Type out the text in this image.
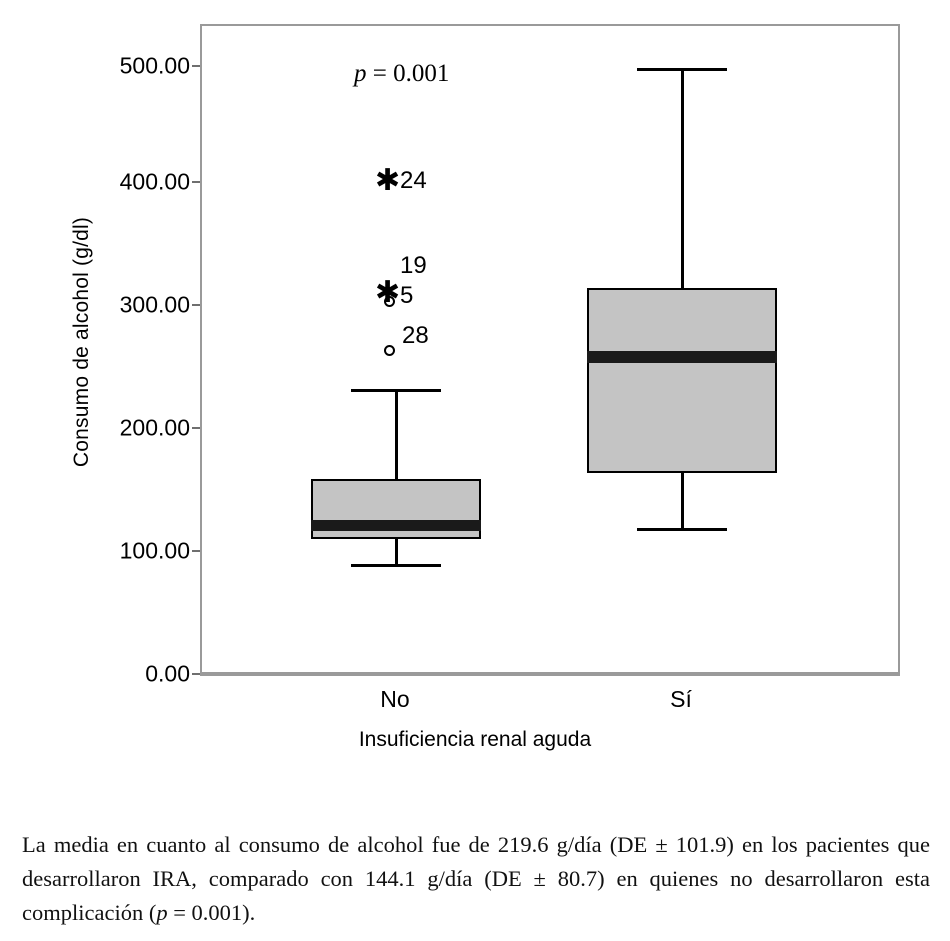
Consumo de alcohol (g/dl)
0.00
100.00
200.00
300.00
400.00
500.00	p = 0.001
28
✱ 5
19
✱ 24
No	Sí
Insuficiencia renal aguda
La media en cuanto al consumo de alcohol fue de 219.6 g/día (DE ± 101.9) en los pacientes que desarrollaron IRA, comparado con 144.1 g/día (DE ± 80.7) en quienes no desarrollaron esta complicación (p = 0.001).
